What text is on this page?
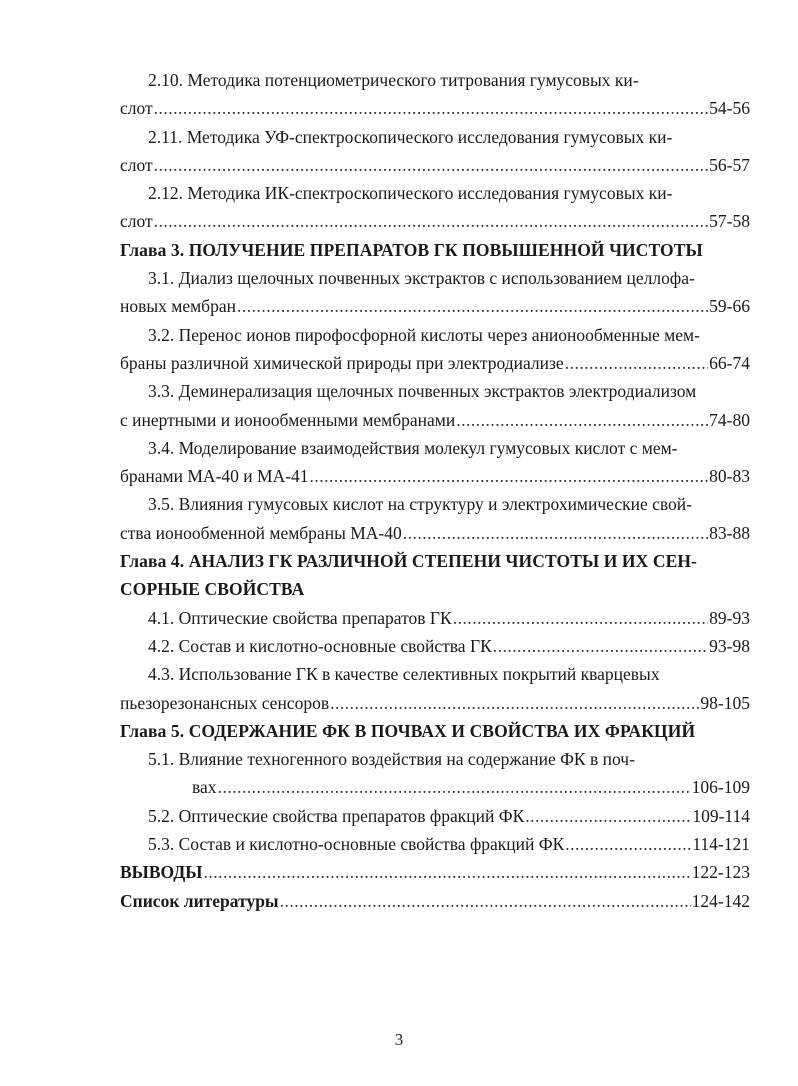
2.10. Методика потенциометрического титрования гумусовых ки-
слот .....	54-56
2.11. Методика УФ-спектроскопического исследования гумусовых ки-
слот .....	56-57
2.12. Методика ИК-спектроскопического исследования гумусовых ки-
слот .....	57-58
Глава 3. ПОЛУЧЕНИЕ ПРЕПАРАТОВ ГК ПОВЫШЕННОЙ ЧИСТОТЫ
3.1. Диализ щелочных почвенных экстрактов с использованием целлофа-
новых мембран .....	59-66
3.2. Перенос ионов пирофосфорной кислоты через анионообменные мем-
браны различной химической природы при электродиализе .....	66-74
3.3. Деминерализация щелочных почвенных экстрактов электродиализом
с инертными и ионообменными мембранами .....	74-80
3.4. Моделирование взаимодействия молекул гумусовых кислот с мем-
бранами МА-40 и МА-41 .....	80-83
3.5. Влияния гумусовых кислот на структуру и электрохимические свой-
ства ионообменной мембраны МА-40 .....	83-88
Глава 4. АНАЛИЗ ГК РАЗЛИЧНОЙ СТЕПЕНИ ЧИСТОТЫ И ИХ СЕН-
СОРНЫЕ СВОЙСТВА
4.1. Оптические свойства препаратов ГК .....	89-93
4.2. Состав и кислотно-основные свойства ГК .....	93-98
4.3. Использование ГК в качестве селективных покрытий кварцевых
пьезорезонансных сенсоров .....	98-105
Глава 5. СОДЕРЖАНИЕ ФК В ПОЧВАХ И СВОЙСТВА ИХ ФРАКЦИЙ
5.1. Влияние техногенного воздействия на содержание ФК в поч-
вах .....	106-109
5.2. Оптические свойства препаратов фракций ФК .....	109-114
5.3. Состав и кислотно-основные свойства фракций ФК .....	114-121
ВЫВОДЫ .....	122-123
Список литературы .....	124-142
3
